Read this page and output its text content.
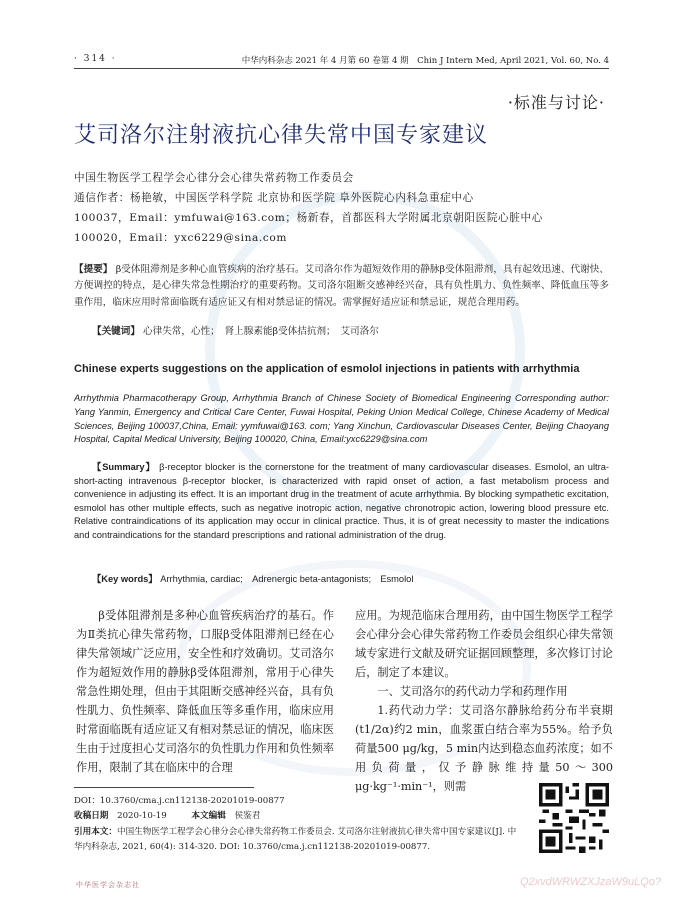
· 314 ·	中华内科杂志 2021 年 4 月第 60 卷第 4 期　Chin J Intern Med, April 2021, Vol. 60, No. 4
·标准与讨论·
艾司洛尔注射液抗心律失常中国专家建议
中国生物医学工程学会心律分会心律失常药物工作委员会
通信作者：杨艳敏，中国医学科学院 北京协和医学院 阜外医院心内科急重症中心
100037，Email：ymfuwai@163.com；杨新春，首都医科大学附属北京朝阳医院心脏中心
100020，Email：yxc6229@sina.com
【提要】 β受体阻滞剂是多种心血管疾病的治疗基石。艾司洛尔作为超短效作用的静脉β受体阻滞剂，具有起效迅速、代谢快、方便调控的特点，是心律失常急性期治疗的重要药物。艾司洛尔阻断交感神经兴奋，具有负性肌力、负性频率、降低血压等多重作用，临床应用时常面临既有适应证又有相对禁忌证的情况。需掌握好适应证和禁忌证，规范合理用药。
【关键词】 心律失常，心性；　肾上腺素能β受体拮抗剂；　艾司洛尔
Chinese experts suggestions on the application of esmolol injections in patients with arrhythmia
Arrhythmia Pharmacotherapy Group, Arrhythmia Branch of Chinese Society of Biomedical Engineering Corresponding author: Yang Yanmin, Emergency and Critical Care Center, Fuwai Hospital, Peking Union Medical College, Chinese Academy of Medical Sciences, Beijing 100037,China, Email: yymfuwai@163. com; Yang Xinchun, Cardiovascular Diseases Center, Beijing Chaoyang Hospital, Capital Medical University, Beijing 100020, China, Email:yxc6229@sina.com
【Summary】 β-receptor blocker is the cornerstone for the treatment of many cardiovascular diseases. Esmolol, an ultra-short-acting intravenous β-receptor blocker, is characterized with rapid onset of action, a fast metabolism process and convenience in adjusting its effect. It is an important drug in the treatment of acute arrhythmia. By blocking sympathetic excitation, esmolol has other multiple effects, such as negative inotropic action, negative chronotropic action, lowering blood pressure etc. Relative contraindications of its application may occur in clinical practice. Thus, it is of great necessity to master the indications and contraindications for the standard prescriptions and rational administration of the drug.
【Key words】 Arrhythmia, cardiac;　Adrenergic beta-antagonists;　Esmolol

β受体阻滞剂是多种心血管疾病治疗的基石。作为Ⅱ类抗心律失常药物，口服β受体阻滞剂已经在心律失常领域广泛应用，安全性和疗效确切。艾司洛尔作为超短效作用的静脉β受体阻滞剂，常用于心律失常急性期处理，但由于其阻断交感神经兴奋，具有负性肌力、负性频率、降低血压等多重作用，临床应用时常面临既有适应证又有相对禁忌证的情况，临床医生由于过度担心艾司洛尔的负性肌力作用和负性频率作用，限制了其在临床中的合理

应用。为规范临床合理用药，由中国生物医学工程学会心律分会心律失常药物工作委员会组织心律失常领域专家进行文献及研究证据回顾整理，多次修订讨论后，制定了本建议。

一、艾司洛尔的药代动力学和药理作用

1.药代动力学：艾司洛尔静脉给药分布半衰期(t1/2α)约2 min，血浆蛋白结合率为55%。给予负荷量500 μg/kg，5 min内达到稳态血药浓度；如不用负荷量，仅予静脉维持量50～300 μg·kg⁻¹·min⁻¹，则需

DOI：10.3760/cma.j.cn112138-20201019-00877
收稿日期 2020-10-19	本文编辑 侯鉴君
引用本文：中国生物医学工程学会心律分会心律失常药物工作委员会. 艾司洛尔注射液抗心律失常中国专家建议[J]. 中华内科杂志, 2021, 60(4): 314-320. DOI: 10.3760/cma.j.cn112138-20201019-00877.
中华医学会杂志社	Q2xvdWRWZXJzaW9uLQo?
